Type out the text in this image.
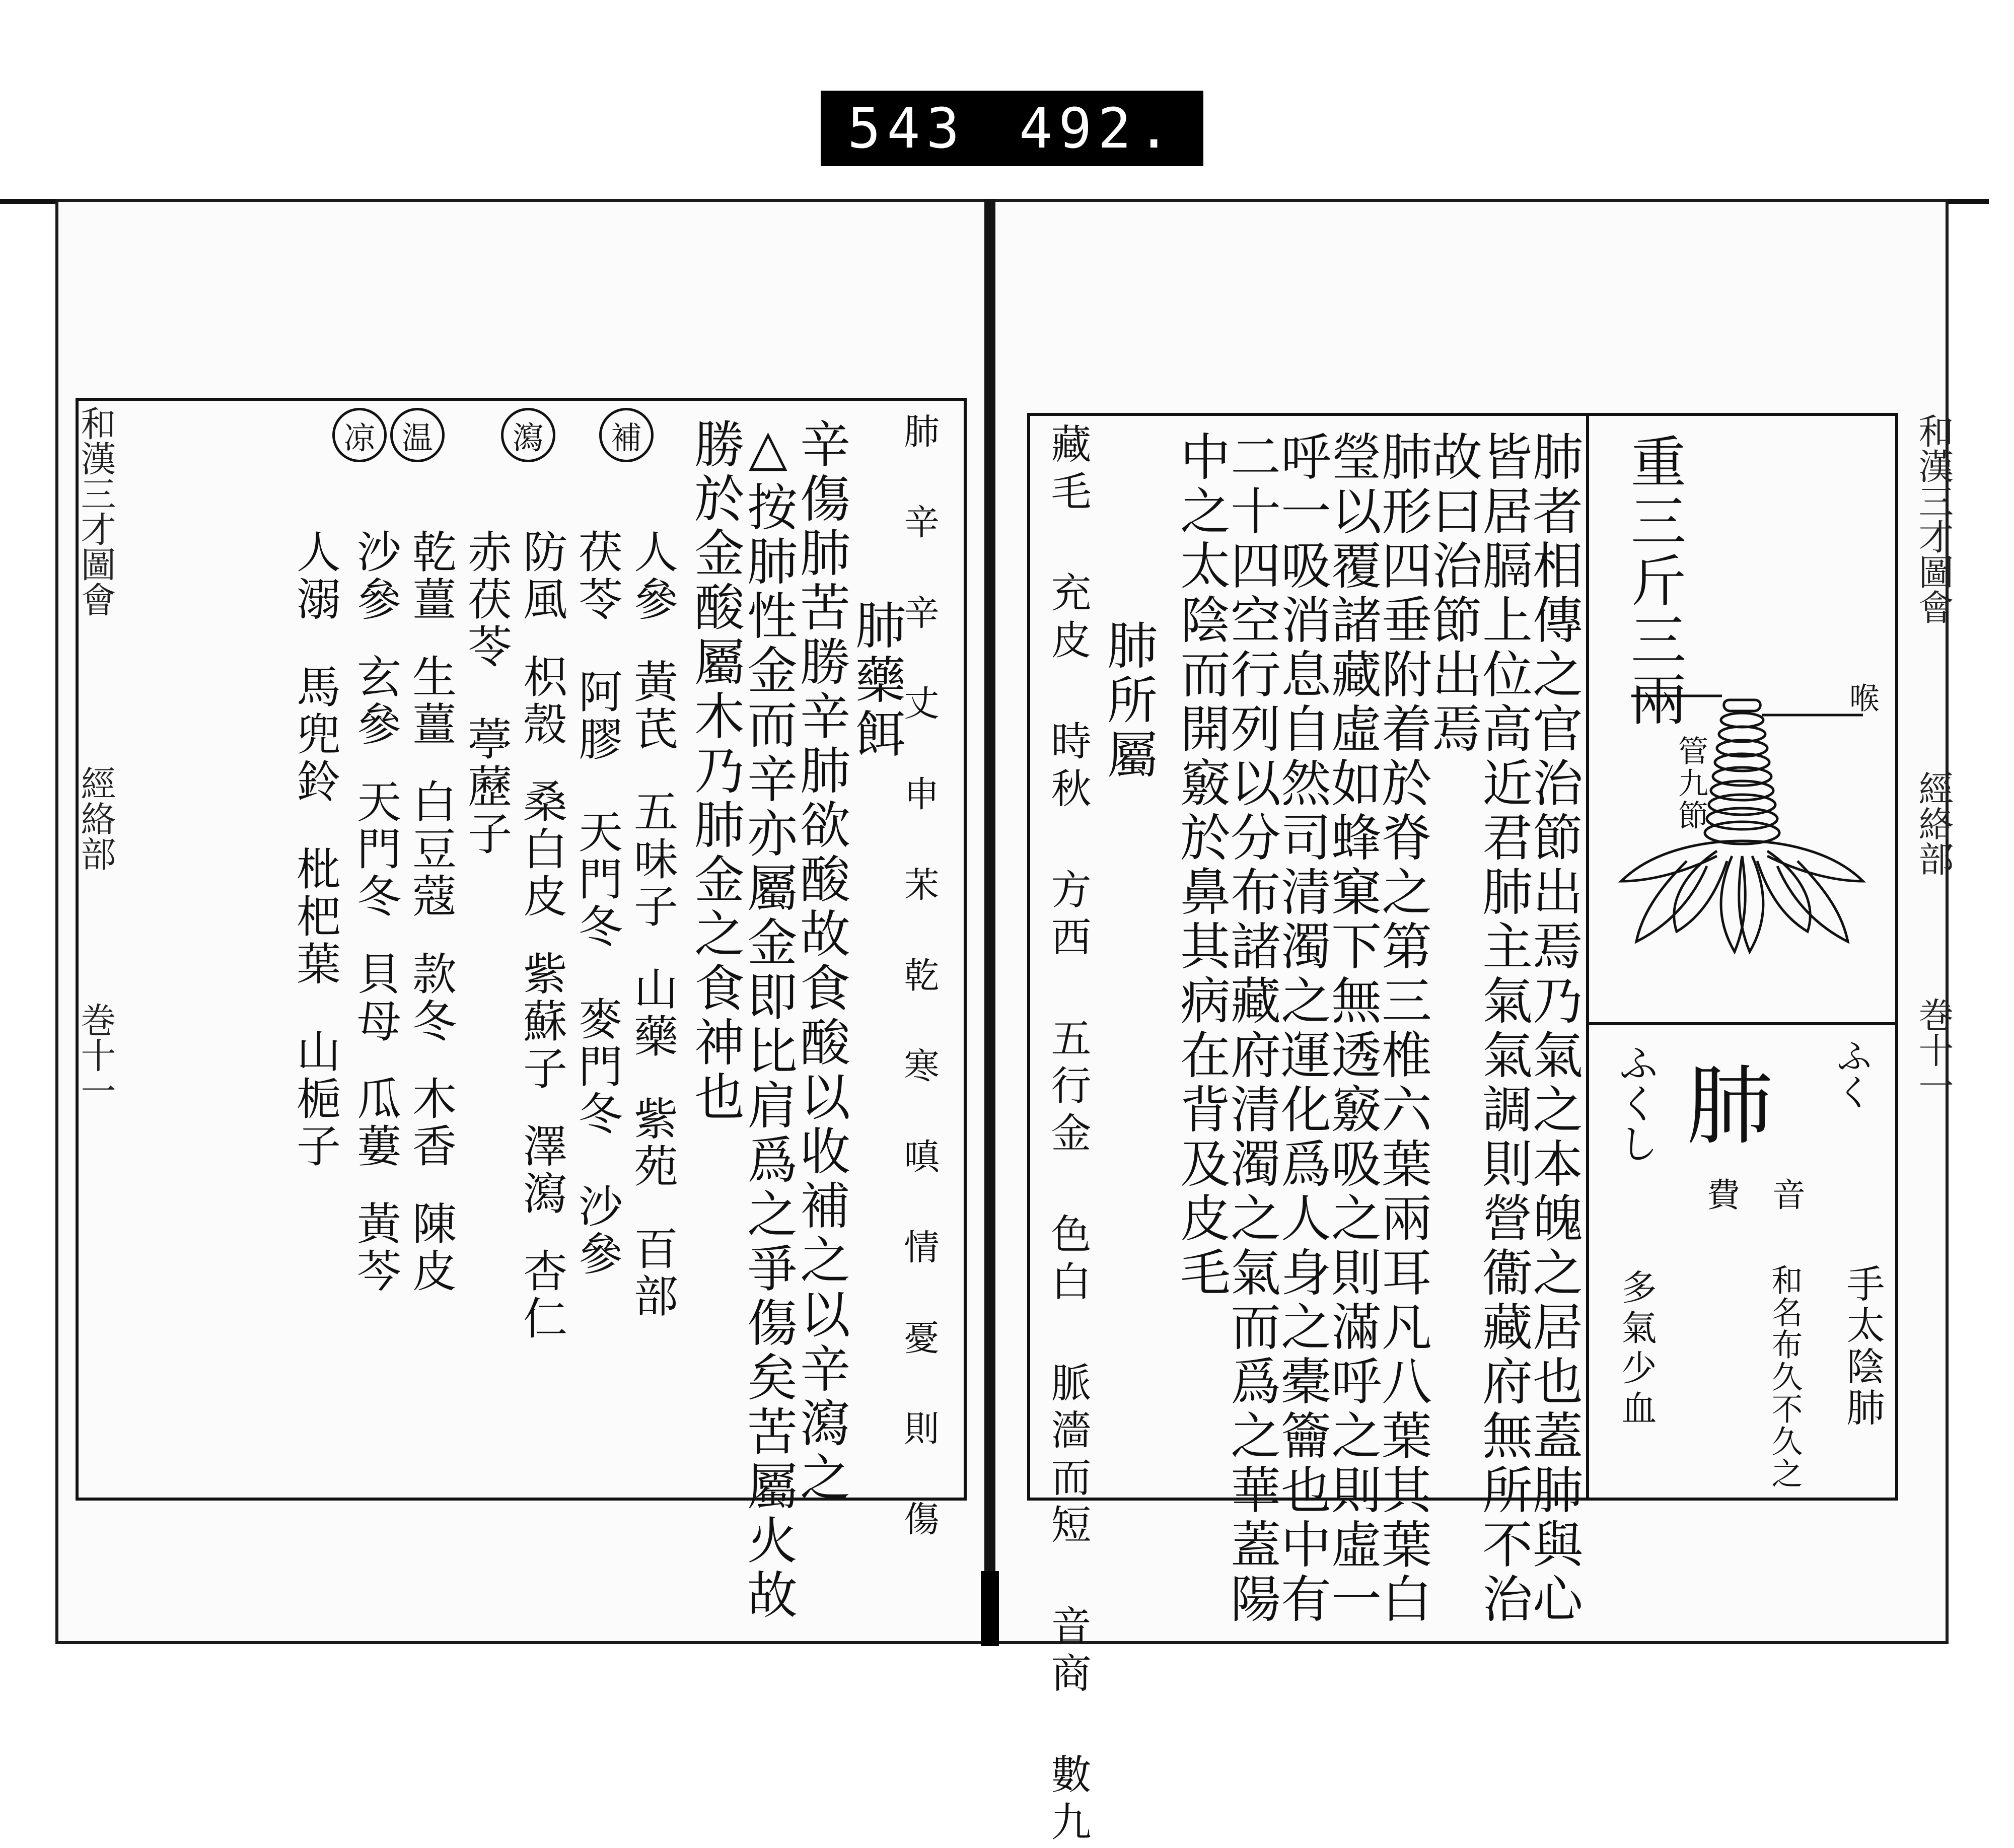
543 492.
和漢三才圖會
經絡部
巻十一
和漢三才圖會
經絡部
巻十一
重三斤三兩	喉
管九節
ふく
肺
音
費
ふくし
手太陰肺
和名布久不久之
多氣少血
肺者相傳之官治節出焉乃氣之本魄之居也蓋肺與心
皆居膈上位高近君肺主氣氣調則營衞藏府無所不治
故曰治節出焉
肺形四垂附着於脊之第三椎六葉兩耳凡八葉其葉白
瑩以覆諸藏虛如蜂窠下無透竅吸之則滿呼之則虛一
呼一吸消息自然司清濁之運化爲人身之橐籥也中有
二十四空行列以分布諸藏府清濁之氣而爲之華蓋陽
中之太陰而開竅於鼻其病在背及皮毛
肺所屬
藏毛 充皮 時秋 方西 五行金 色白 脈濇而短 音商 數九
肺 辛 辛 丈 申 㭉 乾 寒 嗔 情 憂 則 傷
肺藥餌
辛傷肺苦勝辛肺欲酸故食酸以收補之以辛瀉之
△按肺性金而辛亦屬金即比肩爲之爭傷矣苦屬火故
勝於金酸屬木乃肺金之食神也
補
瀉
温
凉
人參
黃芪
五味子
山藥
紫苑
百部
茯苓
阿膠
天門冬
麥門冬
沙參
防風
枳殼
桑白皮
紫蘇子
澤瀉
杏仁
赤茯苓
葶藶子
乾薑
生薑
白豆蔻
款冬
木香
陳皮
沙參
玄參
天門冬
貝母
瓜蔞
黃芩
人溺
馬兜鈴
枇杷葉
山梔子
